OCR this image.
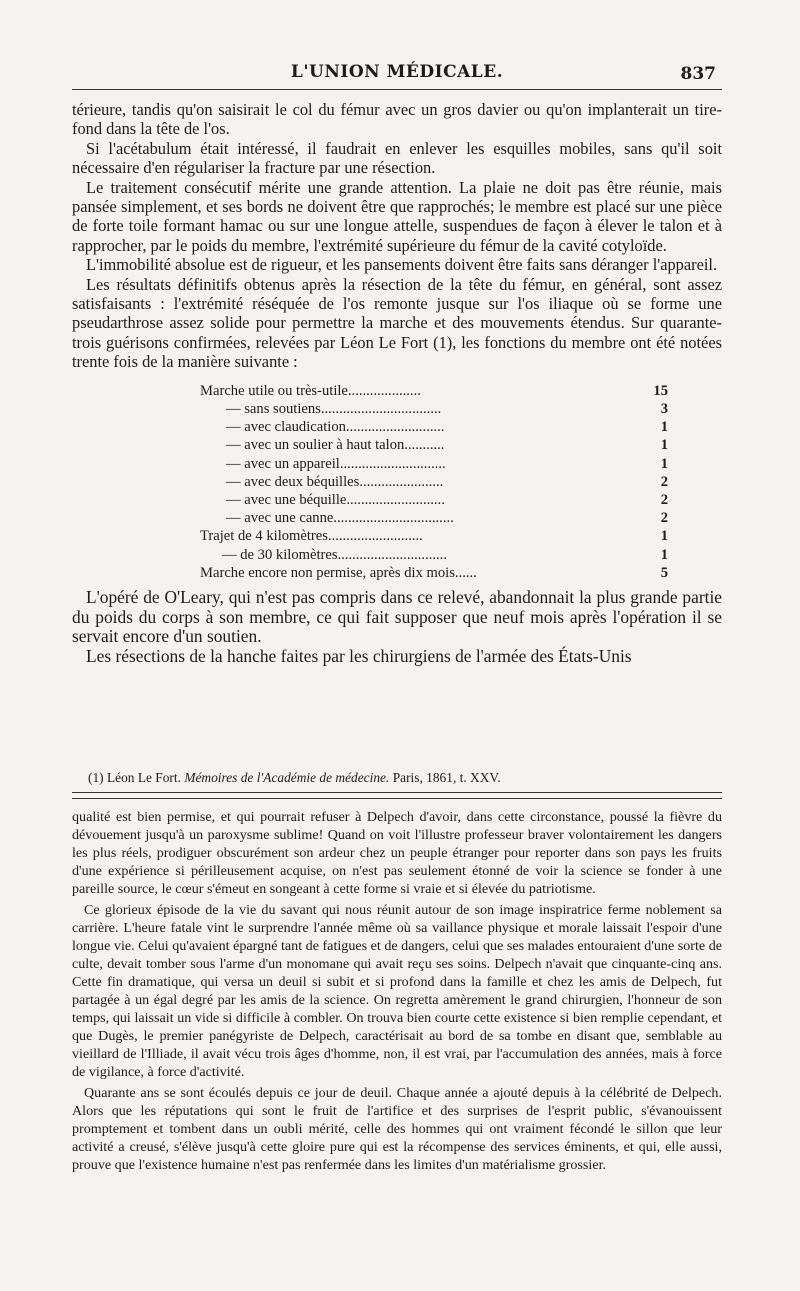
L'UNION MÉDICALE.	837

térieure, tandis qu'on saisirait le col du fémur avec un gros davier ou qu'on implanterait un tire-fond dans la tête de l'os.

Si l'acétabulum était intéressé, il faudrait en enlever les esquilles mobiles, sans qu'il soit nécessaire d'en régulariser la fracture par une résection.

Le traitement consécutif mérite une grande attention. La plaie ne doit pas être réunie, mais pansée simplement, et ses bords ne doivent être que rapprochés; le membre est placé sur une pièce de forte toile formant hamac ou sur une longue attelle, suspendues de façon à élever le talon et à rapprocher, par le poids du membre, l'extrémité supérieure du fémur de la cavité cotyloïde.

L'immobilité absolue est de rigueur, et les pansements doivent être faits sans déranger l'appareil.

Les résultats définitifs obtenus après la résection de la tête du fémur, en général, sont assez satisfaisants : l'extrémité réséquée de l'os remonte jusque sur l'os iliaque où se forme une pseudarthrose assez solide pour permettre la marche et des mouvements étendus. Sur quarante-trois guérisons confirmées, relevées par Léon Le Fort (1), les fonctions du membre ont été notées trente fois de la manière suivante :

Marche utile ou très-utile....................	15
— sans soutiens.................................	3
— avec claudication...........................	1
— avec un soulier à haut talon...........	1
— avec un appareil.............................	1
— avec deux béquilles.......................	2
— avec une béquille...........................	2
— avec une canne.................................	2
Trajet de 4 kilomètres..........................	1
— de 30 kilomètres..............................	1
Marche encore non permise, après dix mois......	5

L'opéré de O'Leary, qui n'est pas compris dans ce relevé, abandonnait la plus grande partie du poids du corps à son membre, ce qui fait supposer que neuf mois après l'opération il se servait encore d'un soutien.

Les résections de la hanche faites par les chirurgiens de l'armée des États-Unis

(1) Léon Le Fort. Mémoires de l'Académie de médecine. Paris, 1861, t. XXV.

qualité est bien permise, et qui pourrait refuser à Delpech d'avoir, dans cette circonstance, poussé la fièvre du dévouement jusqu'à un paroxysme sublime! Quand on voit l'illustre professeur braver volontairement les dangers les plus réels, prodiguer obscurément son ardeur chez un peuple étranger pour reporter dans son pays les fruits d'une expérience si périlleusement acquise, on n'est pas seulement étonné de voir la science se fonder à une pareille source, le cœur s'émeut en songeant à cette forme si vraie et si élevée du patriotisme.

Ce glorieux épisode de la vie du savant qui nous réunit autour de son image inspiratrice ferme noblement sa carrière. L'heure fatale vint le surprendre l'année même où sa vaillance physique et morale laissait l'espoir d'une longue vie. Celui qu'avaient épargné tant de fatigues et de dangers, celui que ses malades entouraient d'une sorte de culte, devait tomber sous l'arme d'un monomane qui avait reçu ses soins. Delpech n'avait que cinquante-cinq ans. Cette fin dramatique, qui versa un deuil si subit et si profond dans la famille et chez les amis de Delpech, fut partagée à un égal degré par les amis de la science. On regretta amèrement le grand chirurgien, l'honneur de son temps, qui laissait un vide si difficile à combler. On trouva bien courte cette existence si bien remplie cependant, et que Dugès, le premier panégyriste de Delpech, caractérisait au bord de sa tombe en disant que, semblable au vieillard de l'Illiade, il avait vécu trois âges d'homme, non, il est vrai, par l'accumulation des années, mais à force de vigilance, à force d'activité.

Quarante ans se sont écoulés depuis ce jour de deuil. Chaque année a ajouté depuis à la célébrité de Delpech. Alors que les réputations qui sont le fruit de l'artifice et des surprises de l'esprit public, s'évanouissent promptement et tombent dans un oubli mérité, celle des hommes qui ont vraiment fécondé le sillon que leur activité a creusé, s'élève jusqu'à cette gloire pure qui est la récompense des services éminents, et qui, elle aussi, prouve que l'existence humaine n'est pas renfermée dans les limites d'un matérialisme grossier.
